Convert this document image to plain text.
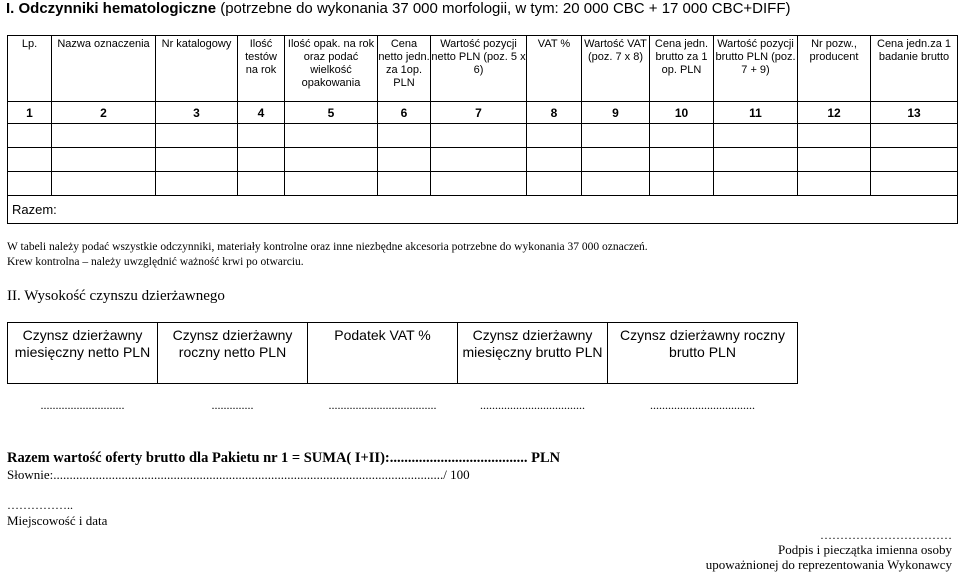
I. Odczynniki hematologiczne (potrzebne do wykonania 37 000 morfologii, w tym: 20 000 CBC + 17 000 CBC+DIFF)
Lp.	Nazwa oznaczenia	Nr katalogowy	Ilość testów na rok	Ilość opak. na rok oraz podać wielkość opakowania	Cena netto jedn. za 1op. PLN	Wartość pozycji netto PLN (poz. 5 x 6)	VAT %	Wartość VAT (poz. 7 x 8)	Cena jedn. brutto za 1 op. PLN	Wartość pozycji brutto PLN (poz. 7 + 9)	Nr pozw., producent	Cena jedn.za 1 badanie brutto
1	2	3	4	5	6	7	8	9	10	11	12	13

Razem:												
W tabeli należy podać wszystkie odczynniki, materiały kontrolne oraz inne niezbędne akcesoria potrzebne do wykonania 37 000 oznaczeń.
Krew kontrolna – należy uwzględnić ważność krwi po otwarciu.
II. Wysokość czynszu dzierżawnego
Czynsz dzierżawny miesięczny netto PLN	Czynsz dzierżawny roczny netto PLN	Podatek VAT %	Czynsz dzierżawny miesięczny brutto PLN	Czynsz dzierżawny roczny brutto PLN
............................	..............	....................................	...................................	...................................
Razem wartość oferty brutto dla Pakietu nr 1 = SUMA( I+II):...................................... PLN
Słownie:......................................................................................................................../ 100
……………..
Miejscowość i data
……………………………
Podpis i pieczątka imienna osoby
upoważnionej do reprezentowania Wykonawcy
